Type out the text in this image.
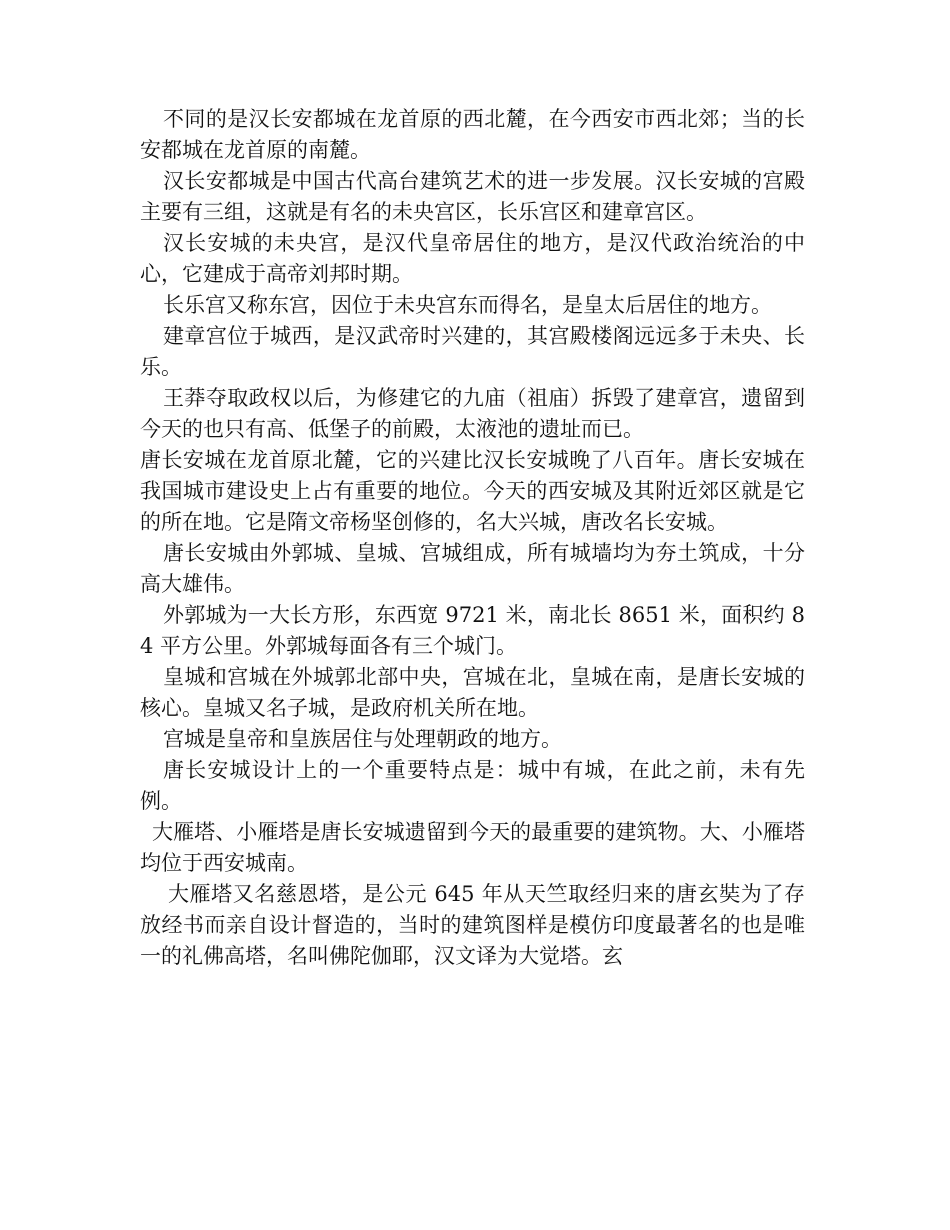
不同的是汉长安都城在龙首原的西北麓，在今西安市西北郊；当的长安都城在龙首原的南麓。

汉长安都城是中国古代高台建筑艺术的进一步发展。汉长安城的宫殿主要有三组，这就是有名的未央宫区，长乐宫区和建章宫区。

汉长安城的未央宫，是汉代皇帝居住的地方，是汉代政治统治的中心，它建成于高帝刘邦时期。

长乐宫又称东宫，因位于未央宫东而得名，是皇太后居住的地方。

建章宫位于城西，是汉武帝时兴建的，其宫殿楼阁远远多于未央、长乐。

王莽夺取政权以后，为修建它的九庙（祖庙）拆毁了建章宫，遗留到今天的也只有高、低堡子的前殿，太液池的遗址而已。

唐长安城在龙首原北麓，它的兴建比汉长安城晚了八百年。唐长安城在我国城市建设史上占有重要的地位。今天的西安城及其附近郊区就是它的所在地。它是隋文帝杨坚创修的，名大兴城，唐改名长安城。

唐长安城由外郭城、皇城、宫城组成，所有城墙均为夯土筑成，十分高大雄伟。

外郭城为一大长方形，东西宽 9721 米，南北长 8651 米，面积约 84 平方公里。外郭城每面各有三个城门。

皇城和宫城在外城郭北部中央，宫城在北，皇城在南，是唐长安城的核心。皇城又名子城，是政府机关所在地。

宫城是皇帝和皇族居住与处理朝政的地方。

唐长安城设计上的一个重要特点是：城中有城，在此之前，未有先例。

大雁塔、小雁塔是唐长安城遗留到今天的最重要的建筑物。大、小雁塔均位于西安城南。

大雁塔又名慈恩塔，是公元 645 年从天竺取经归来的唐玄奘为了存放经书而亲自设计督造的，当时的建筑图样是模仿印度最著名的也是唯一的礼佛高塔，名叫佛陀伽耶，汉文译为大觉塔。玄
